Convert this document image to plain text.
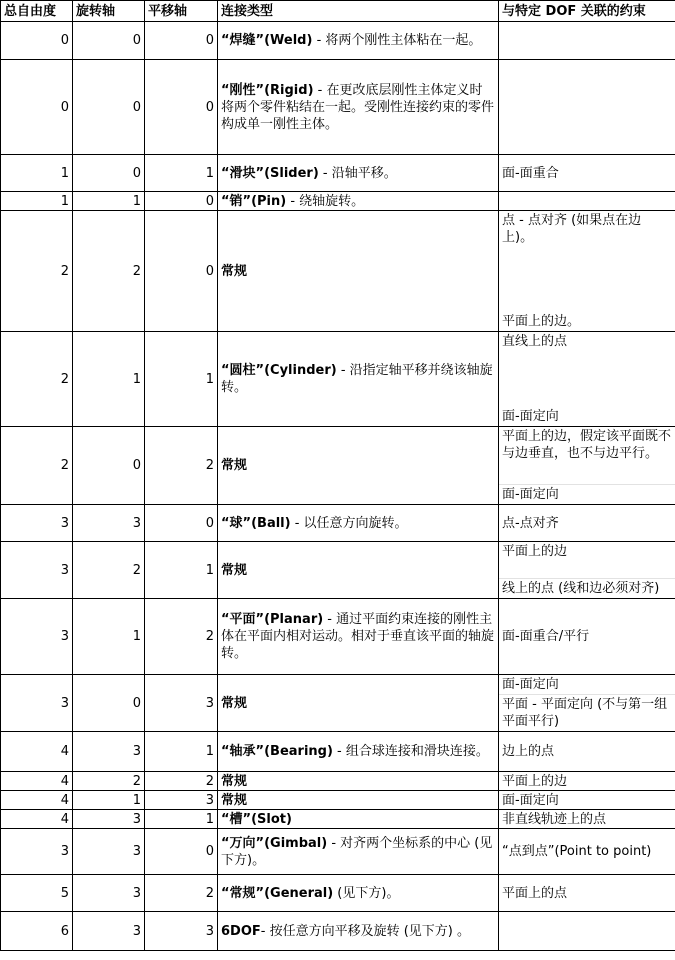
总自由度	旋转轴	平移轴	连接类型	与特定 DOF 关联的约束
0	0	0	“焊缝”(Weld) - 将两个刚性主体粘在一起。	

0	0	0	“刚性”(Rigid) - 在更改底层刚性主体定义时将两个零件粘结在一起。受刚性连接约束的零件构成单一刚性主体。	

1	0	1	“滑块”(Slider) - 沿轴平移。	面-面重合

1	1	0	“销”(Pin) - 绕轴旋转。	

2	2	0	常规	点 - 点对齐 (如果点在边上)。
平面上的边。

2	1	1	“圆柱”(Cylinder) - 沿指定轴平移并绕该轴旋转。	直线上的点
面-面定向

2	0	2	常规	平面上的边，假定该平面既不与边垂直，也不与边平行。
面-面定向

3	3	0	“球”(Ball) - 以任意方向旋转。	点-点对齐

3	2	1	常规	平面上的边
线上的点 (线和边必须对齐)

3	1	2	“平面”(Planar) - 通过平面约束连接的刚性主体在平面内相对运动。相对于垂直该平面的轴旋转。	面-面重合/平行

3	0	3	常规	面-面定向
平面 - 平面定向 (不与第一组平面平行)

4	3	1	“轴承”(Bearing) - 组合球连接和滑块连接。	边上的点

4	2	2	常规	平面上的边

4	1	3	常规	面-面定向

4	3	1	“槽”(Slot)	非直线轨迹上的点

3	3	0	“万向”(Gimbal) - 对齐两个坐标系的中心 (见下方)。	“点到点”(Point to point)

5	3	2	“常规”(General) (见下方)。	平面上的点

6	3	3	6DOF- 按任意方向平移及旋转 (见下方) 。	
